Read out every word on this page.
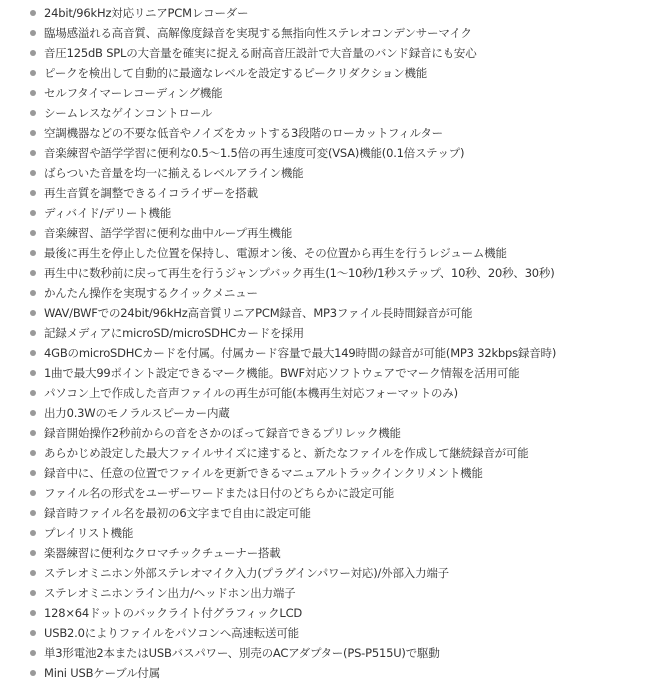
24bit/96kHz対応リニアPCMレコーダー
臨場感溢れる高音質、高解像度録音を実現する無指向性ステレオコンデンサーマイク
音圧125dB SPLの大音量を確実に捉える耐高音圧設計で大音量のバンド録音にも安心
ピークを検出して自動的に最適なレベルを設定するピークリダクション機能
セルフタイマーレコーディング機能
シームレスなゲインコントロール
空調機器などの不要な低音やノイズをカットする3段階のローカットフィルター
音楽練習や語学学習に便利な0.5～1.5倍の再生速度可変(VSA)機能(0.1倍ステップ)
ばらついた音量を均一に揃えるレベルアライン機能
再生音質を調整できるイコライザーを搭載
ディバイド/デリート機能
音楽練習、語学学習に便利な曲中ループ再生機能
最後に再生を停止した位置を保持し、電源オン後、その位置から再生を行うレジューム機能
再生中に数秒前に戻って再生を行うジャンプバック再生(1～10秒/1秒ステップ、10秒、20秒、30秒)
かんたん操作を実現するクイックメニュー
WAV/BWFでの24bit/96kHz高音質リニアPCM録音、MP3ファイル長時間録音が可能
記録メディアにmicroSD/microSDHCカードを採用
4GBのmicroSDHCカードを付属。付属カード容量で最大149時間の録音が可能(MP3 32kbps録音時)
1曲で最大99ポイント設定できるマーク機能。BWF対応ソフトウェアでマーク情報を活用可能
パソコン上で作成した音声ファイルの再生が可能(本機再生対応フォーマットのみ)
出力0.3Wのモノラルスピーカー内蔵
録音開始操作2秒前からの音をさかのぼって録音できるプリレック機能
あらかじめ設定した最大ファイルサイズに達すると、新たなファイルを作成して継続録音が可能
録音中に、任意の位置でファイルを更新できるマニュアルトラックインクリメント機能
ファイル名の形式をユーザーワードまたは日付のどちらかに設定可能
録音時ファイル名を最初の6文字まで自由に設定可能
プレイリスト機能
楽器練習に便利なクロマチックチューナー搭載
ステレオミニホン外部ステレオマイク入力(プラグインパワー対応)/外部入力端子
ステレオミニホンライン出力/ヘッドホン出力端子
128×64ドットのバックライト付グラフィックLCD
USB2.0によりファイルをパソコンへ高速転送可能
単3形電池2本またはUSBバスパワー、別売のACアダプター(PS-P515U)で駆動
Mini USBケーブル付属
